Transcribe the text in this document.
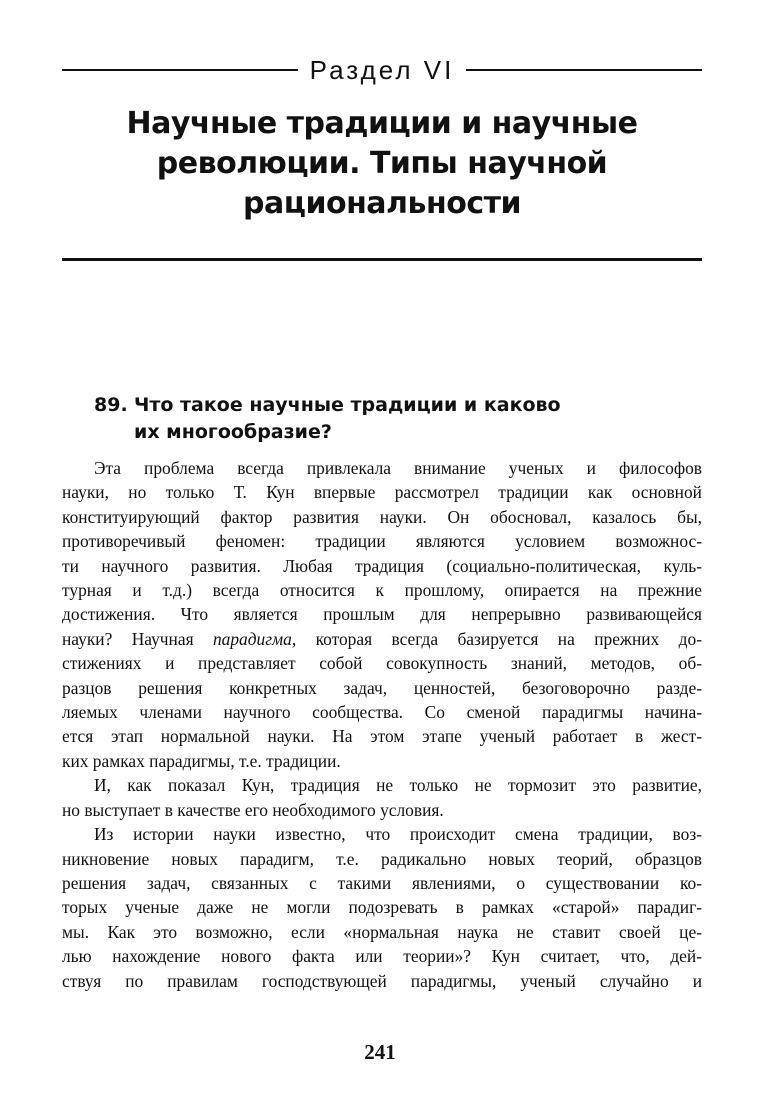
Раздел VI
Научные традиции и научные
революции. Типы научной
рациональности
89. Что такое научные традиции и каково
их многообразие?
Эта проблема всегда привлекала внимание ученых и философов
науки, но только Т. Кун впервые рассмотрел традиции как основной
конституирующий фактор развития науки. Он обосновал, казалось бы,
противоречивый феномен: традиции являются условием возможнос-
ти научного развития. Любая традиция (социально-политическая, куль-
турная и т.д.) всегда относится к прошлому, опирается на прежние
достижения. Что является прошлым для непрерывно развивающейся
науки? Научная парадигма, которая всегда базируется на прежних до-
стижениях и представляет собой совокупность знаний, методов, об-
разцов решения конкретных задач, ценностей, безоговорочно разде-
ляемых членами научного сообщества. Со сменой парадигмы начина-
ется этап нормальной науки. На этом этапе ученый работает в жест-
ких рамках парадигмы, т.е. традиции.
И, как показал Кун, традиция не только не тормозит это развитие,
но выступает в качестве его необходимого условия.
Из истории науки известно, что происходит смена традиции, воз-
никновение новых парадигм, т.е. радикально новых теорий, образцов
решения задач, связанных с такими явлениями, о существовании ко-
торых ученые даже не могли подозревать в рамках «старой» парадиг-
мы. Как это возможно, если «нормальная наука не ставит своей це-
лью нахождение нового факта или теории»? Кун считает, что, дей-
ствуя по правилам господствующей парадигмы, ученый случайно и
241
